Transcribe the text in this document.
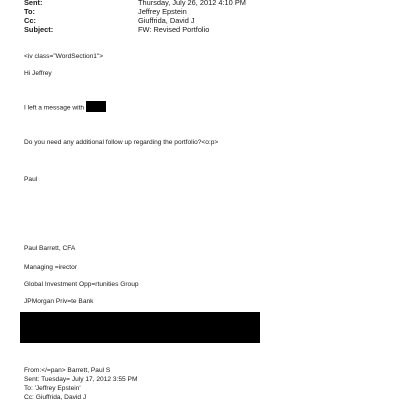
Sent:	Thursday, July 26, 2012 4:10 PM
To:	Jeffrey Epstein
Cc:	Giuffrida, David J
Subject:	FW: Revised Portfolio
<iv class="WordSection1">
Hi Jeffrey
I left a message with
Do you need any additional follow up regarding the portfolio?<o:p>
Paul
Paul Barrett, CFA
Managing =irector
Global Investment Opp=rtunities Group
JPMorgan Priv=te Bank
From:</=pan> Barrett, Paul S
Sent: Tuesday= July 17, 2012 3:55 PM
To: 'Jeffrey Epstein'
Cc: Giuffrida, David J
